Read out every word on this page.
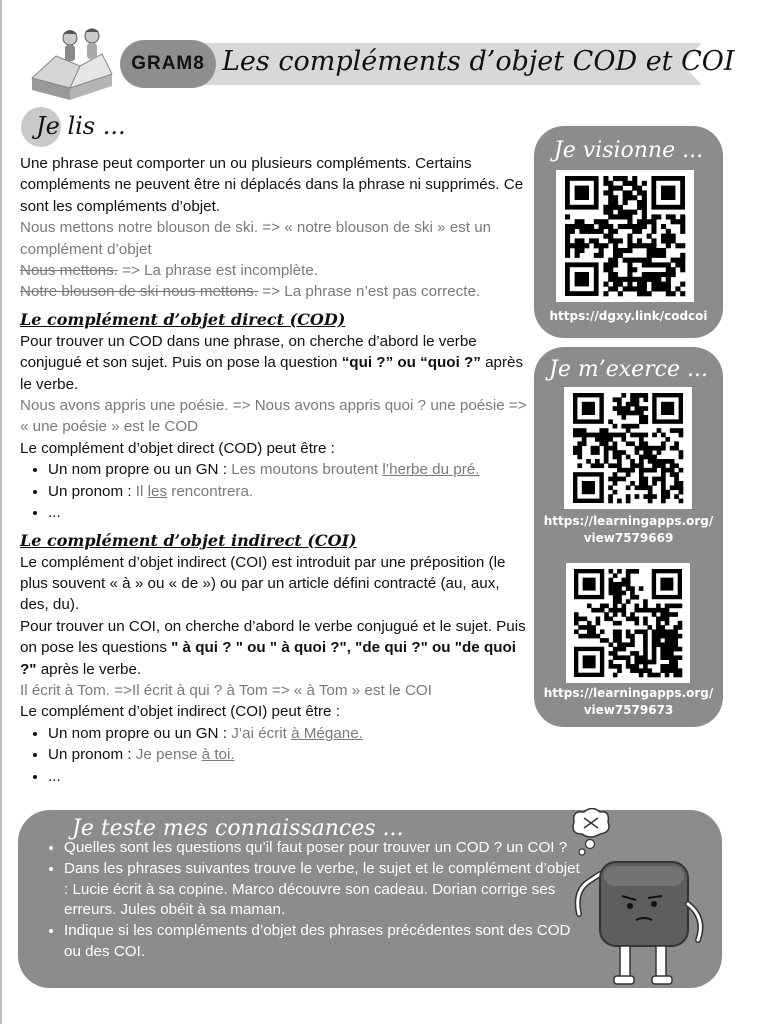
GRAM8 Les compléments d’objet COD et COI
Je lis ...

Une phrase peut comporter un ou plusieurs compléments. Certains compléments ne peuvent être ni déplacés dans la phrase ni supprimés. Ce sont les compléments d’objet.

Nous mettons notre blouson de ski. => « notre blouson de ski » est un complément d’objet

Nous mettons. => La phrase est incomplète.

Notre blouson de ski nous mettons. => La phrase n’est pas correcte.

Le complément d’objet direct (COD)

Pour trouver un COD dans une phrase, on cherche d’abord le verbe conjugué et son sujet. Puis on pose la question “qui ?” ou “quoi ?” après le verbe.

Nous avons appris une poésie. => Nous avons appris quoi ? une poésie => « une poésie » est le COD

Le complément d’objet direct (COD) peut être :

• Un nom propre ou un GN : Les moutons broutent l’herbe du pré.
• Un pronom : Il les rencontrera.
• ...

Le complément d’objet indirect (COI)

Le complément d’objet indirect (COI) est introduit par une préposition (le plus souvent « à » ou « de ») ou par un article défini contracté (au, aux, des, du).

Pour trouver un COI, on cherche d’abord le verbe conjugué et le sujet. Puis on pose les questions " à qui ? " ou " à quoi ?", "de qui ?" ou "de quoi ?" après le verbe.

Il écrit à Tom. =>Il écrit à qui ? à Tom => « à Tom » est le COI

Le complément d’objet indirect (COI) peut être :

• Un nom propre ou un GN : J’ai écrit à Mégane.
• Un pronom : Je pense à toi.
• ...
Je visionne ...
https://dgxy.link/codcoi
Je m’exerce ...
https://learningapps.org/
view7579669
https://learningapps.org/
view7579673
Je teste mes connaissances ...
• Quelles sont les questions qu’il faut poser pour trouver un COD ? un COI ?
• Dans les phrases suivantes trouve le verbe, le sujet et le complément d’objet : Lucie écrit à sa copine. Marco découvre son cadeau. Dorian corrige ses erreurs. Jules obéit à sa maman.
• Indique si les compléments d’objet des phrases précédentes sont des COD ou des COI.
